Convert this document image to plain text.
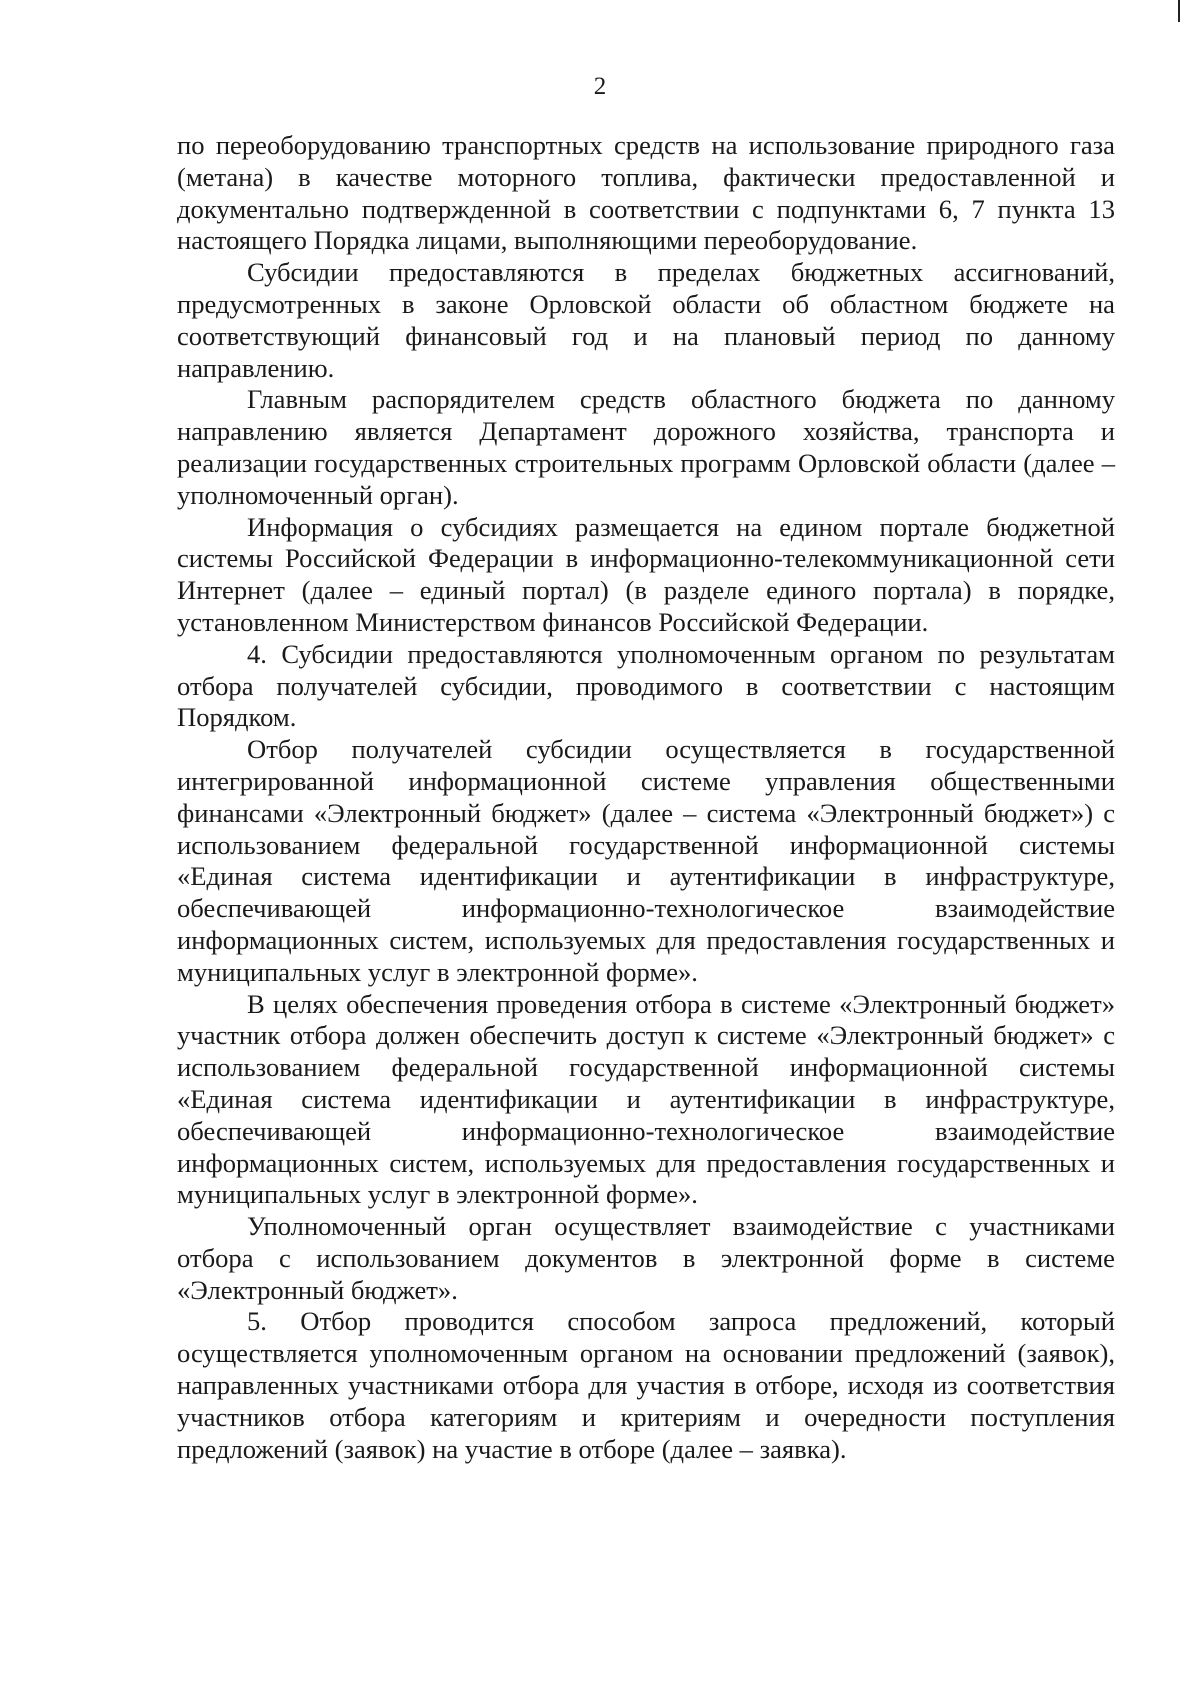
2

по переоборудованию транспортных средств на использование природного газа (метана) в качестве моторного топлива, фактически предоставленной и документально подтвержденной в соответствии с подпунктами 6, 7 пункта 13 настоящего Порядка лицами, выполняющими переоборудование.

Субсидии предоставляются в пределах бюджетных ассигнований, предусмотренных в законе Орловской области об областном бюджете на соответствующий финансовый год и на плановый период по данному направлению.

Главным распорядителем средств областного бюджета по данному направлению является Департамент дорожного хозяйства, транспорта и реализации государственных строительных программ Орловской области (далее – уполномоченный орган).

Информация о субсидиях размещается на едином портале бюджетной системы Российской Федерации в информационно-телекоммуникационной сети Интернет (далее – единый портал) (в разделе единого портала) в порядке, установленном Министерством финансов Российской Федерации.

4. Субсидии предоставляются уполномоченным органом по результатам отбора получателей субсидии, проводимого в соответствии с настоящим Порядком.

Отбор получателей субсидии осуществляется в государственной интегрированной информационной системе управления общественными финансами «Электронный бюджет» (далее – система «Электронный бюджет») с использованием федеральной государственной информационной системы «Единая система идентификации и аутентификации в инфраструктуре, обеспечивающей информационно-технологическое взаимодействие информационных систем, используемых для предоставления государственных и муниципальных услуг в электронной форме».

В целях обеспечения проведения отбора в системе «Электронный бюджет» участник отбора должен обеспечить доступ к системе «Электронный бюджет» с использованием федеральной государственной информационной системы «Единая система идентификации и аутентификации в инфраструктуре, обеспечивающей информационно-технологическое взаимодействие информационных систем, используемых для предоставления государственных и муниципальных услуг в электронной форме».

Уполномоченный орган осуществляет взаимодействие с участниками отбора с использованием документов в электронной форме в системе «Электронный бюджет».

5. Отбор проводится способом запроса предложений, который осуществляется уполномоченным органом на основании предложений (заявок), направленных участниками отбора для участия в отборе, исходя из соответствия участников отбора категориям и критериям и очередности поступления предложений (заявок) на участие в отборе (далее – заявка).
